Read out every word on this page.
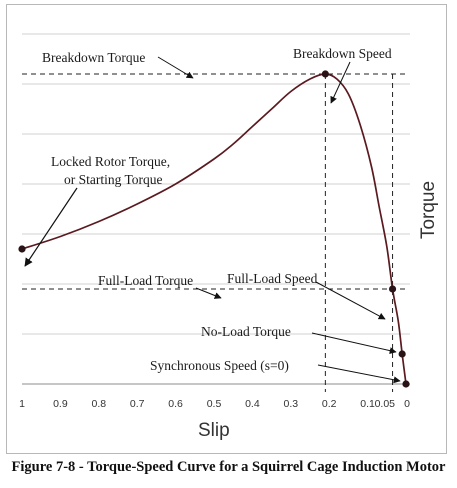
1	0.9 0.8 0.7 0.6 0.5 0.4 0.3 0.2 0.1 0.05 0
Breakdown Torque	Breakdown Speed
Locked Rotor Torque,
or Starting Torque
Full-Load Torque	Full-Load Speed
No-Load Torque
Synchronous Speed (s=0)
Slip
Torque
Figure 7-8 - Torque-Speed Curve for a Squirrel Cage Induction Motor
